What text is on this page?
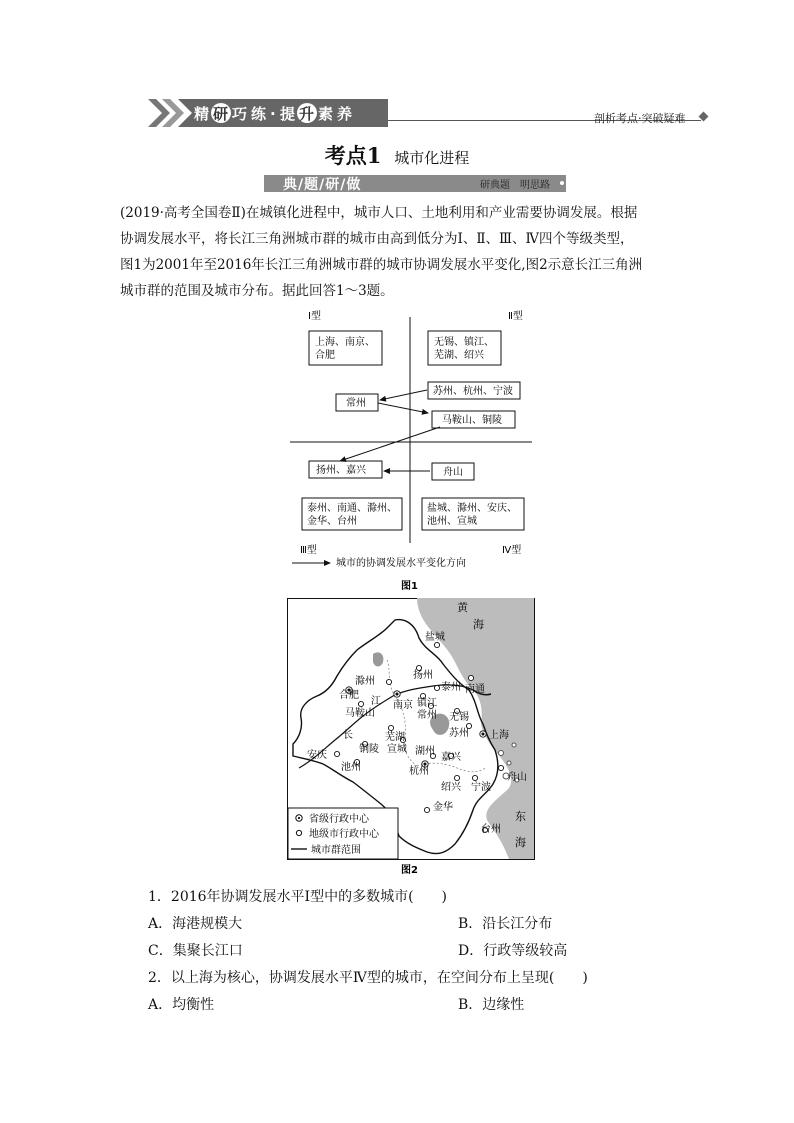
精 研 巧 练 · 提 升 素 养	剖析考点·突破疑难
考点1 城市化进程
典/题/研/做	研典题　明思路
(2019·高考全国卷Ⅱ)在城镇化进程中，城市人口、土地利用和产业需要协调发展。根据
协调发展水平，将长江三角洲城市群的城市由高到低分为Ⅰ、Ⅱ、Ⅲ、Ⅳ四个等级类型，
图1为2001年至2016年长江三角洲城市群的城市协调发展水平变化,图2示意长江三角洲
城市群的范围及城市分布。据此回答1～3题。
Ⅰ型	Ⅱ型
Ⅲ型	Ⅳ型
上海、南京、
合肥
无锡、镇江、
芜湖、绍兴
苏州、杭州、宁波
常州
马鞍山、铜陵
扬州、嘉兴	舟山
泰州、南通、滁州、
金华、台州
盐城、滁州、安庆、
池州、宣城
城市的协调发展水平变化方向
图1
黄
海
东
海
江
长
盐城
扬州
滁州
泰州 南通
合肥
南京 镇江
常州 无锡
马鞍山
芜湖	苏州 上海
铜陵 宣城 湖州
嘉兴
安庆
池州	杭州
绍兴 宁波
舟山
金华
台州
省级行政中心
地级市行政中心
城市群范围
图2
1．2016年协调发展水平Ⅰ型中的多数城市(　　)
A．海港规模大	B．沿长江分布
C．集聚长江口	D．行政等级较高
2．以上海为核心，协调发展水平Ⅳ型的城市，在空间分布上呈现(　　)
A．均衡性	B．边缘性
